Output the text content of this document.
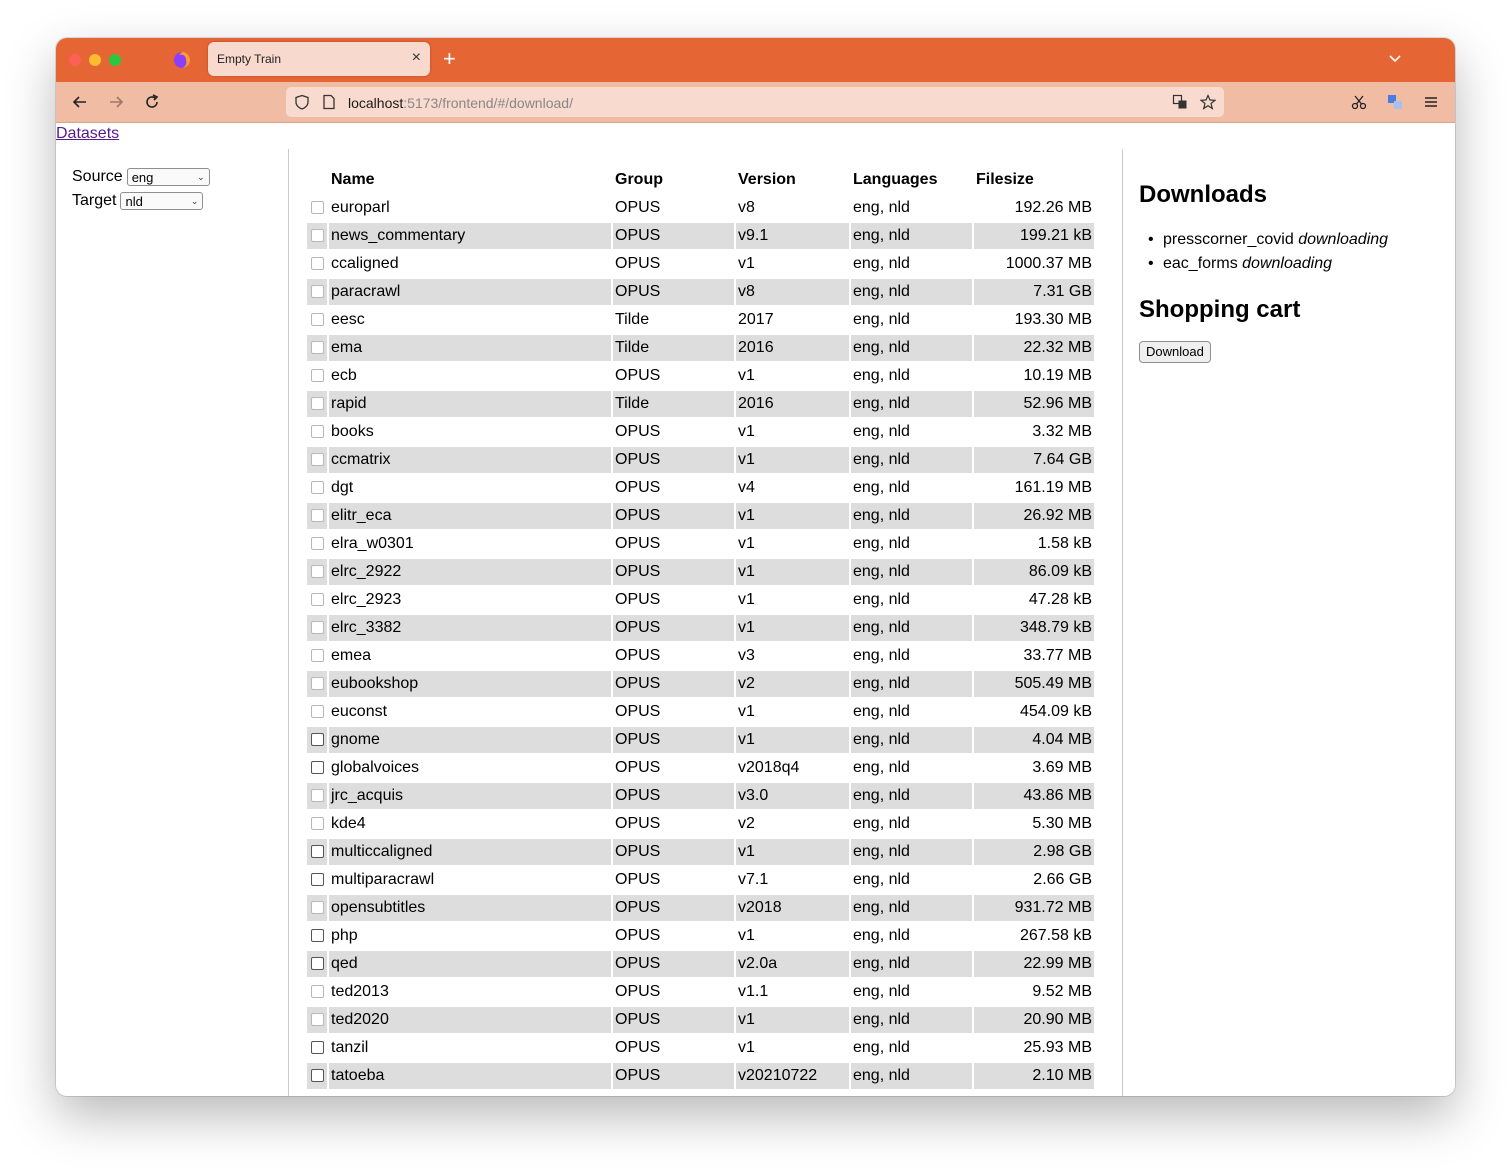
Empty Train	× +
localhost:5173/frontend/#/download/
Datasets
Source eng	⌄
Target nld	⌄
	Name	Group	Version	Languages	Filesize
	europarl	OPUS	v8	eng, nld	192.26 MB
	news_commentary	OPUS	v9.1	eng, nld	199.21 kB
	ccaligned	OPUS	v1	eng, nld	1000.37 MB
	paracrawl	OPUS	v8	eng, nld	7.31 GB
	eesc	Tilde	2017	eng, nld	193.30 MB
	ema	Tilde	2016	eng, nld	22.32 MB
	ecb	OPUS	v1	eng, nld	10.19 MB
	rapid	Tilde	2016	eng, nld	52.96 MB
	books	OPUS	v1	eng, nld	3.32 MB
	ccmatrix	OPUS	v1	eng, nld	7.64 GB
	dgt	OPUS	v4	eng, nld	161.19 MB
	elitr_eca	OPUS	v1	eng, nld	26.92 MB
	elra_w0301	OPUS	v1	eng, nld	1.58 kB
	elrc_2922	OPUS	v1	eng, nld	86.09 kB
	elrc_2923	OPUS	v1	eng, nld	47.28 kB
	elrc_3382	OPUS	v1	eng, nld	348.79 kB
	emea	OPUS	v3	eng, nld	33.77 MB
	eubookshop	OPUS	v2	eng, nld	505.49 MB
	euconst	OPUS	v1	eng, nld	454.09 kB
	gnome	OPUS	v1	eng, nld	4.04 MB
	globalvoices	OPUS	v2018q4	eng, nld	3.69 MB
	jrc_acquis	OPUS	v3.0	eng, nld	43.86 MB
	kde4	OPUS	v2	eng, nld	5.30 MB
	multiccaligned	OPUS	v1	eng, nld	2.98 GB
	multiparacrawl	OPUS	v7.1	eng, nld	2.66 GB
	opensubtitles	OPUS	v2018	eng, nld	931.72 MB
	php	OPUS	v1	eng, nld	267.58 kB
	qed	OPUS	v2.0a	eng, nld	22.99 MB
	ted2013	OPUS	v1.1	eng, nld	9.52 MB
	ted2020	OPUS	v1	eng, nld	20.90 MB
	tanzil	OPUS	v1	eng, nld	25.93 MB
	tatoeba	OPUS	v20210722	eng, nld	2.10 MB
Downloads
• presscorner_covid downloading
• eac_forms downloading
Shopping cart
Download
